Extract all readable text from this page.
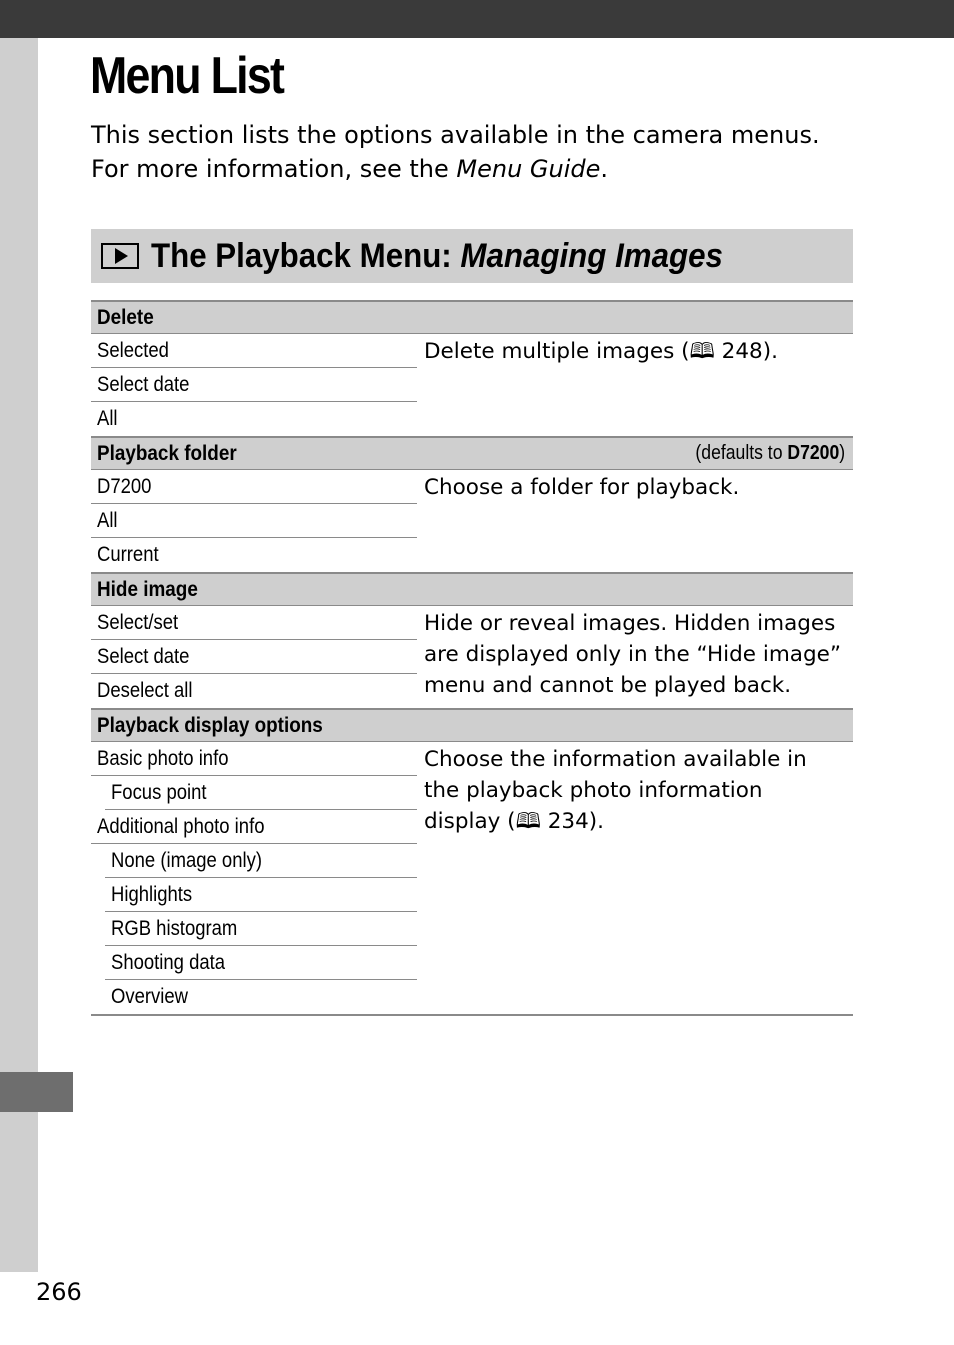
Menu List

This section lists the options available in the camera menus. For more information, see the Menu Guide.

The Playback Menu: Managing Images
Delete
Selected
Select date
All
Delete multiple images (🕮 248).
Playback folder	(defaults to D7200)
D7200
All
Current
Choose a folder for playback.
Hide image
Select/set
Select date
Deselect all
Hide or reveal images. Hidden images are displayed only in the “Hide image” menu and cannot be played back.
Playback display options
Basic photo info
Focus point
Additional photo info
None (image only)
Highlights
RGB histogram
Shooting data
Overview
Choose the information available in the playback photo information display (🕮 234).
266
